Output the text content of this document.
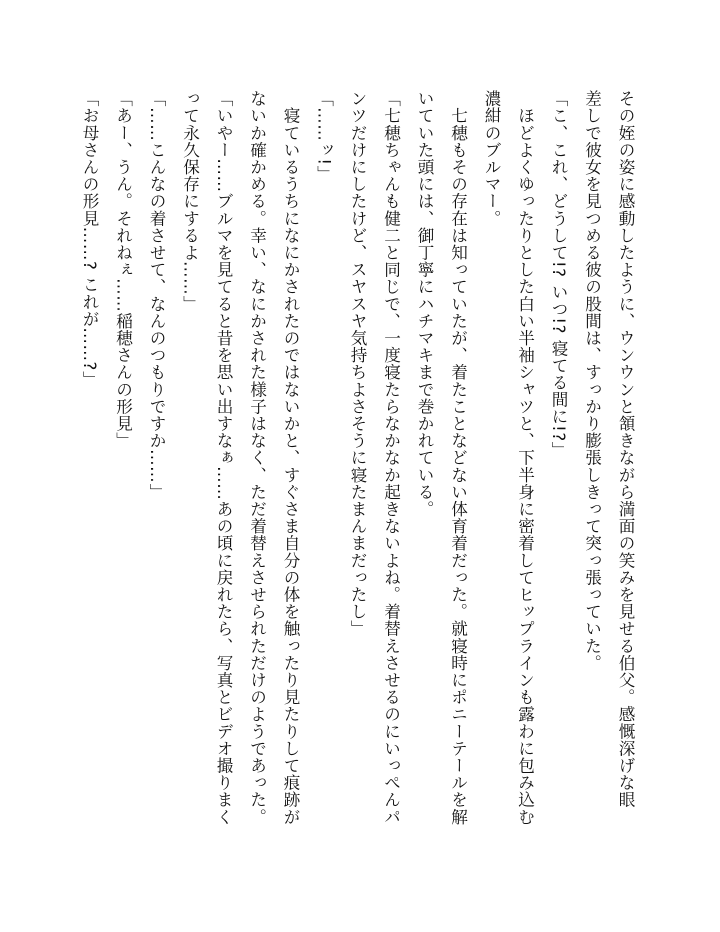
その姪の姿に感動したように、ウンウンと頷きながら満面の笑みを見せる伯父。感慨深げな眼

差しで彼女を見つめる彼の股間は、すっかり膨張しきって突っ張っていた。

「こ、これ、どうして!? いつ!? 寝てる間に!?」

　ほどよくゆったりとした白い半袖シャツと、下半身に密着してヒップラインも露わに包み込む

濃紺のブルマー。

　七穂もその存在は知っていたが、着たことなどない体育着だった。就寝時にポニーテールを解

いていた頭には、御丁寧にハチマキまで巻かれている。

「七穂ちゃんも健二と同じで、一度寝たらなかなか起きないよね。着替えさせるのにいっぺんパ

ンツだけにしたけど、スヤスヤ気持ちよさそうに寝たまんまだったし」

「……ッ!」

　寝ているうちになにかされたのではないかと、すぐさま自分の体を触ったり見たりして痕跡が

ないか確かめる。幸い、なにかされた様子はなく、ただ着替えさせられただけのようであった。

「いやー……ブルマを見てると昔を思い出すなぁ……あの頃に戻れたら、写真とビデオ撮りまく

って永久保存にするよ……」

「……こんなの着させて、なんのつもりですか……」

「あー、うん。それねぇ……稲穂さんの形見」

「お母さんの形見……? これが……?」
